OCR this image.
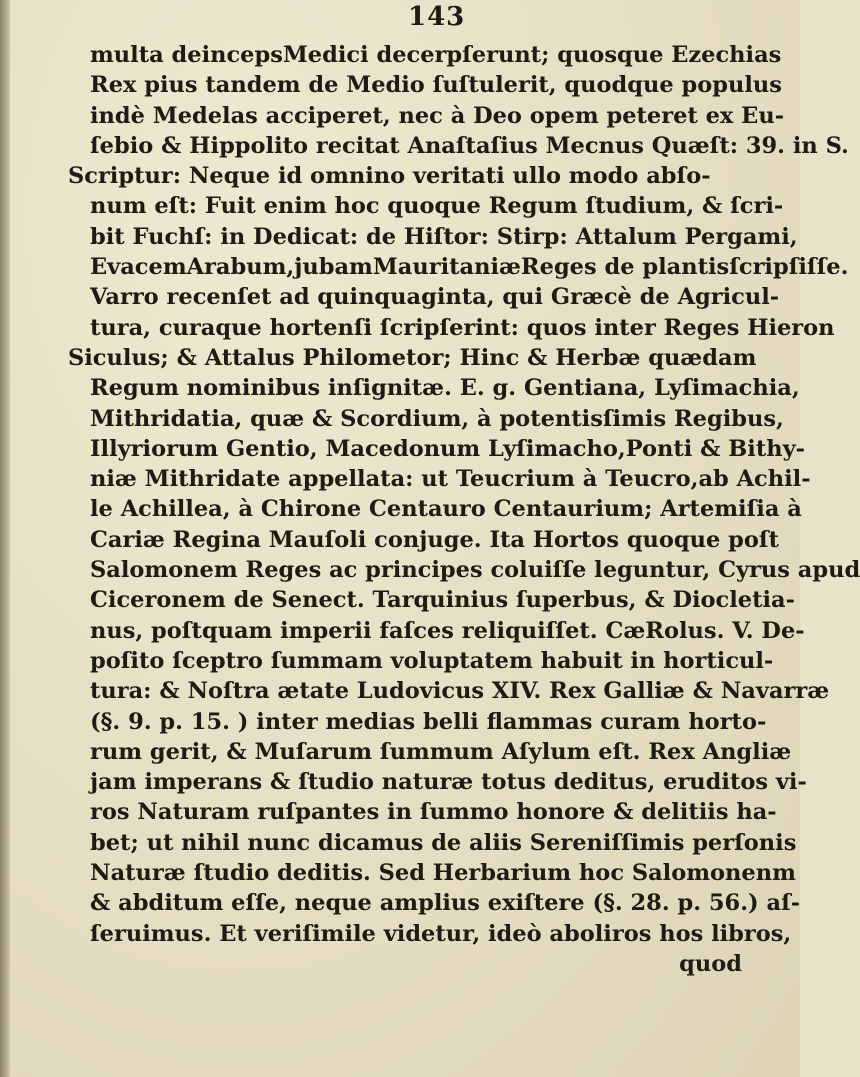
143
multa deincepsMedici decerpſerunt; quosque Ezechias
Rex pius tandem de Medio ſuſtulerit, quodque populus
indè Medelas acciperet, nec à Deo opem peteret ex Eu-
ſebio & Hippolito recitat Anaſtaſius Mecnus Quæſt: 39. in S.
Scriptur: Neque id omnino veritati ullo modo abſo-
num eſt: Fuit enim hoc quoque Regum ſtudium, & ſcri-
bit Fuchſ: in Dedicat: de Hiſtor: Stirp: Attalum Pergami,
EvacemArabum,jubamMauritaniæReges de plantisſcripſiſſe.
Varro recenſet ad quinquaginta, qui Græcè de Agricul-
tura, curaque hortenſi ſcripſerint: quos inter Reges Hieron
Siculus; & Attalus Philometor; Hinc & Herbæ quædam
Regum nominibus inſignitæ. E. g. Gentiana, Lyſimachia,
Mithridatia, quæ & Scordium, à potentisſimis Regibus,
Illyriorum Gentio, Macedonum Lyſimacho,Ponti & Bithy-
niæ Mithridate appellata: ut Teucrium à Teucro,ab Achil-
le Achillea, à Chirone Centauro Centaurium; Artemiſia à
Cariæ Regina Mauſoli conjuge. Ita Hortos quoque poſt
Salomonem Reges ac principes coluiſſe leguntur, Cyrus apud
Ciceronem de Senect. Tarquinius ſuperbus, & Diocletia-
nus, poſtquam imperii faſces reliquiſſet. CæRolus. V. De-
poſito ſceptro ſummam voluptatem habuit in horticul-
tura: & Noſtra ætate Ludovicus XIV. Rex Galliæ & Navarræ
(§. 9. p. 15. ) inter medias belli flammas curam horto-
rum gerit, & Muſarum ſummum Aſylum eſt. Rex Angliæ
jam imperans & ſtudio naturæ totus deditus, eruditos vi-
ros Naturam ruſpantes in ſummo honore & delitiis ha-
bet; ut nihil nunc dicamus de aliis Sereniſſimis perſonis
Naturæ ſtudio deditis. Sed Herbarium hoc Salomonenm
& abditum eſſe, neque amplius exiſtere (§. 28. p. 56.) aſ-
ſeruimus. Et veriſimile videtur, ideò aboliros hos libros,
quod
